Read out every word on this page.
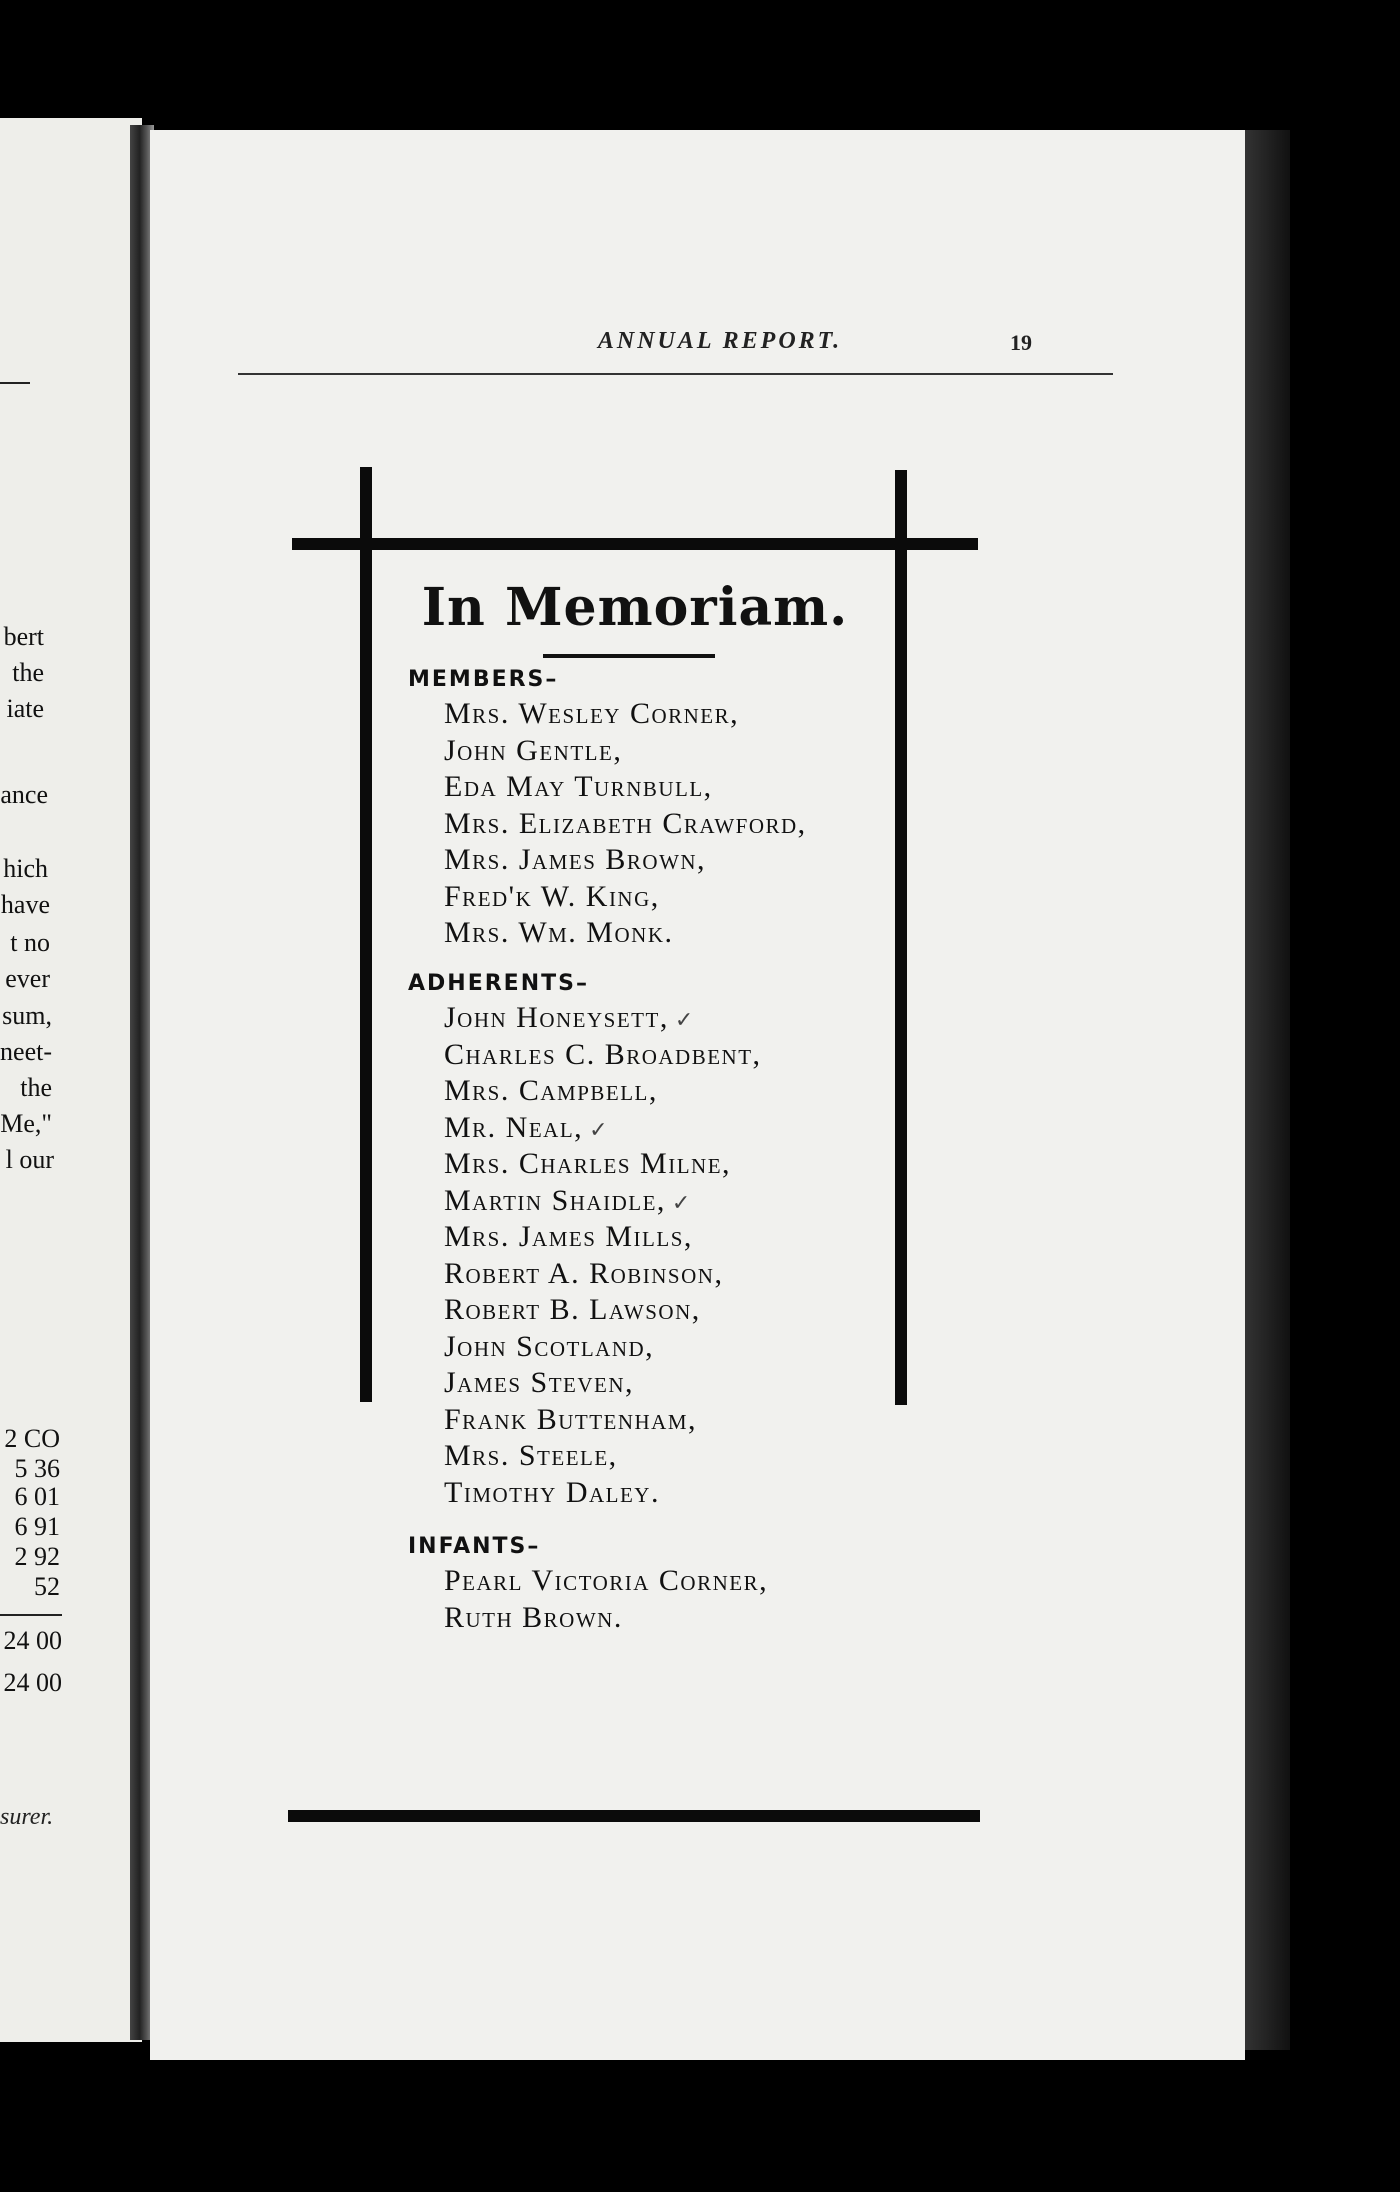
bert
the
iate
ance
hich
have
t no
ever
sum,
neet-
the
Me,"
l our
2 CO
5 36
6 01
6 91
2 92
52
24 00
24 00
surer.
ANNUAL REPORT.	19
In Memoriam.
MEMBERS–
Mrs. Wesley Corner,
John Gentle,
Eda May Turnbull,
Mrs. Elizabeth Crawford,
Mrs. James Brown,
Fred'k W. King,
Mrs. Wm. Monk.
ADHERENTS–
John Honeysett, ✓
Charles C. Broadbent,
Mrs. Campbell,
Mr. Neal, ✓
Mrs. Charles Milne,
Martin Shaidle, ✓
Mrs. James Mills,
Robert A. Robinson,
Robert B. Lawson,
John Scotland,
James Steven,
Frank Buttenham,
Mrs. Steele,
Timothy Daley.
INFANTS–
Pearl Victoria Corner,
Ruth Brown.
